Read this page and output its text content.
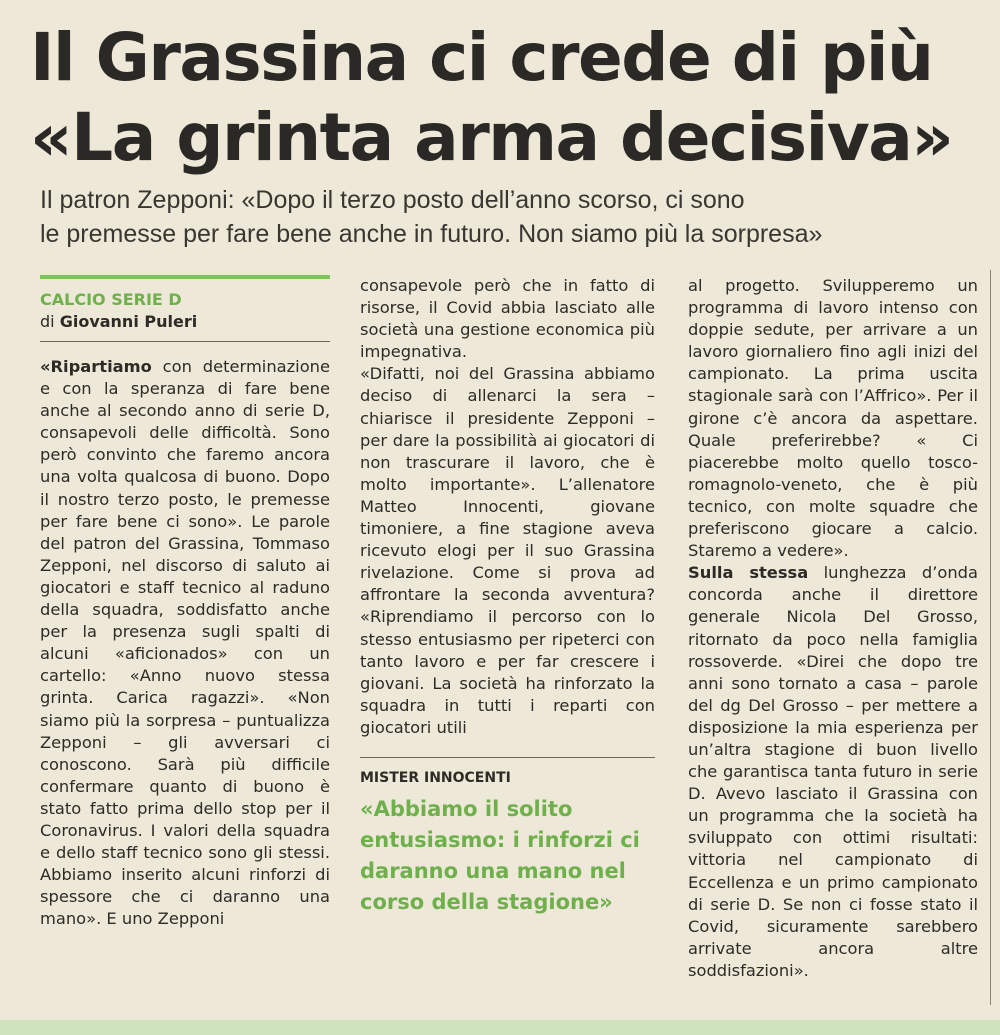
Il Grassina ci crede di più
«La grinta arma decisiva»
Il patron Zepponi: «Dopo il terzo posto dell’anno scorso, ci sono
le premesse per fare bene anche in futuro. Non siamo più la sorpresa»
CALCIO SERIE D
di Giovanni Puleri

«Ripartiamo con determinazione e con la speranza di fare bene anche al secondo anno di serie D, consapevoli delle difficoltà. Sono però convinto che faremo ancora una volta qualcosa di buono. Dopo il nostro terzo posto, le premesse per fare bene ci sono». Le parole del patron del Grassina, Tommaso Zepponi, nel discorso di saluto ai giocatori e staff tecnico al raduno della squadra, soddisfatto anche per la presenza sugli spalti di alcuni «aficionados» con un cartello: «Anno nuovo stessa grinta. Carica ragazzi». «Non siamo più la sorpresa – puntualizza Zepponi – gli avversari ci conoscono. Sarà più difficile confermare quanto di buono è stato fatto prima dello stop per il Coronavirus. I valori della squadra e dello staff tecnico sono gli stessi. Abbiamo inserito alcuni rinforzi di spessore che ci daranno una mano». E uno Zepponi

consapevole però che in fatto di risorse, il Covid abbia lasciato alle società una gestione economica più impegnativa.

«Difatti, noi del Grassina abbiamo deciso di allenarci la sera – chiarisce il presidente Zepponi – per dare la possibilità ai giocatori di non trascurare il lavoro, che è molto importante». L’allenatore Matteo Innocenti, giovane timoniere, a fine stagione aveva ricevuto elogi per il suo Grassina rivelazione. Come si prova ad affrontare la seconda avventura? «Riprendiamo il percorso con lo stesso entusiasmo per ripeterci con tanto lavoro e per far crescere i giovani. La società ha rinforzato la squadra in tutti i reparti con giocatori utili

MISTER INNOCENTI
«Abbiamo il solito entusiasmo: i rinforzi ci daranno una mano nel corso della stagione»

al progetto. Svilupperemo un programma di lavoro intenso con doppie sedute, per arrivare a un lavoro giornaliero fino agli inizi del campionato. La prima uscita stagionale sarà con l’Affrico». Per il girone c’è ancora da aspettare. Quale preferirebbe? « Ci piacerebbe molto quello tosco-romagnolo-veneto, che è più tecnico, con molte squadre che preferiscono giocare a calcio. Staremo a vedere».

Sulla stessa lunghezza d’onda concorda anche il direttore generale Nicola Del Grosso, ritornato da poco nella famiglia rossoverde. «Direi che dopo tre anni sono tornato a casa – parole del dg Del Grosso – per mettere a disposizione la mia esperienza per un’altra stagione di buon livello che garantisca tanta futuro in serie D. Avevo lasciato il Grassina con un programma che la società ha sviluppato con ottimi risultati: vittoria nel campionato di Eccellenza e un primo campionato di serie D. Se non ci fosse stato il Covid, sicuramente sarebbero arrivate ancora altre soddisfazioni».
